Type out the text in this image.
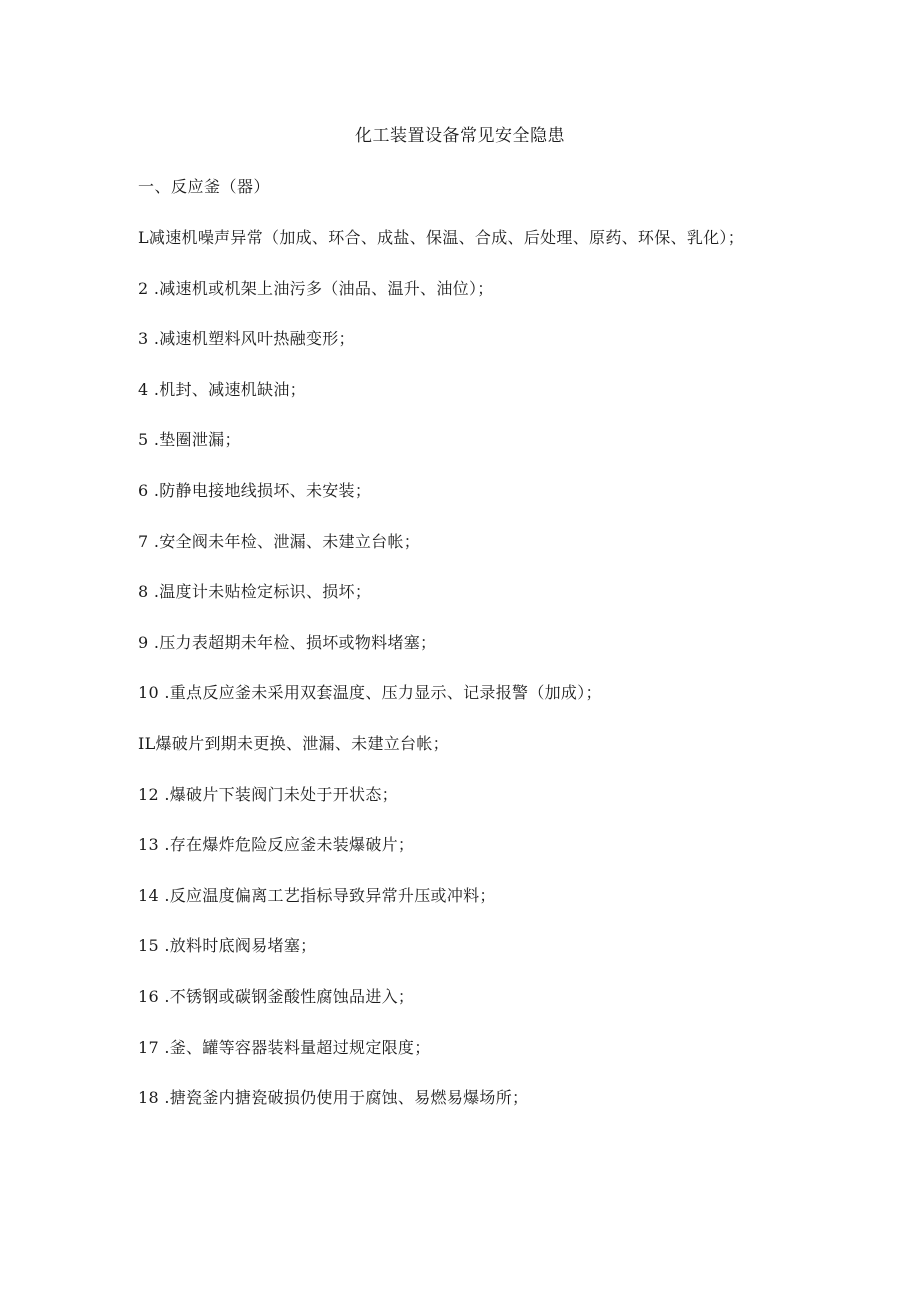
化工装置设备常见安全隐患
一、反应釜（器）
L减速机噪声异常（加成、环合、成盐、保温、合成、后处理、原药、环保、乳化）；
2 .减速机或机架上油污多（油品、温升、油位）；
3 .减速机塑料风叶热融变形；
4 .机封、减速机缺油；
5 .垫圈泄漏；
6 .防静电接地线损坏、未安装；
7 .安全阀未年检、泄漏、未建立台帐；
8 .温度计未贴检定标识、损坏；
9 .压力表超期未年检、损坏或物料堵塞；
10 .重点反应釜未采用双套温度、压力显示、记录报警（加成）；
IL爆破片到期未更换、泄漏、未建立台帐；
12 .爆破片下装阀门未处于开状态；
13 .存在爆炸危险反应釜未装爆破片；
14 .反应温度偏离工艺指标导致异常升压或冲料；
15 .放料时底阀易堵塞；
16 .不锈钢或碳钢釜酸性腐蚀品进入；
17 .釜、罐等容器装料量超过规定限度；
18 .搪瓷釜内搪瓷破损仍使用于腐蚀、易燃易爆场所；
